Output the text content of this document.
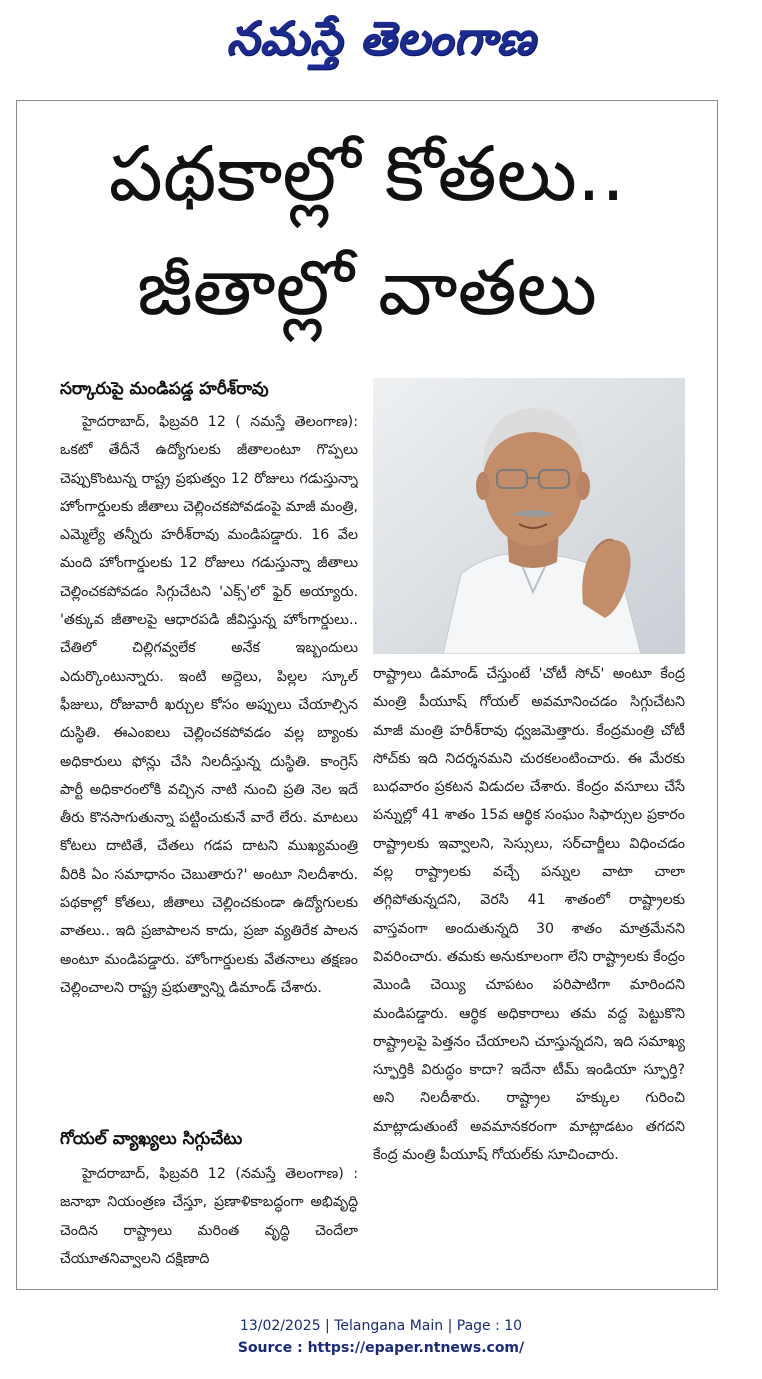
నమస్తే తెలంగాణ
పథకాల్లో కోతలు..
జీతాల్లో వాతలు
సర్కారుపై మండిపడ్డ హరీశ్‌రావు

హైదరాబాద్, ఫిబ్రవరి 12 ( నమస్తే తెలంగాణ): ఒకటో తేదీనే ఉద్యోగులకు జీతాలంటూ గొప్పలు చెప్పుకొంటున్న రాష్ట్ర ప్రభుత్వం 12 రోజులు గడుస్తున్నా హోంగార్డులకు జీతాలు చెల్లించకపోవడంపై మాజీ మంత్రి, ఎమ్మెల్యే తన్నీరు హరీశ్‌రావు మండిపడ్డారు. 16 వేల మంది హోంగార్డులకు 12 రోజులు గడుస్తున్నా జీతాలు చెల్లించకపోవడం సిగ్గుచేటని 'ఎక్స్'లో ఫైర్ అయ్యారు. 'తక్కువ జీతాలపై ఆధారపడి జీవిస్తున్న హోంగార్డులు.. చేతిలో చిల్లిగవ్వలేక అనేక ఇబ్బందులు ఎదుర్కొంటున్నారు. ఇంటి అద్దెలు, పిల్లల స్కూల్ ఫీజులు, రోజువారీ ఖర్చుల కోసం అప్పులు చేయాల్సిన దుస్థితి. ఈఎంఐలు చెల్లించకపోవడం వల్ల బ్యాంకు అధికారులు ఫోన్లు చేసి నిలదీస్తున్న దుస్థితి. కాంగ్రెస్ పార్టీ అధికారంలోకి వచ్చిన నాటి నుంచి ప్రతి నెల ఇదే తీరు కొనసాగుతున్నా పట్టించుకునే వారే లేరు. మాటలు కోటలు దాటితే, చేతలు గడప దాటని ముఖ్యమంత్రి వీరికి ఏం సమాధానం చెబుతారు?' అంటూ నిలదీశారు. పథకాల్లో కోతలు, జీతాలు చెల్లించకుండా ఉద్యోగులకు వాతలు.. ఇది ప్రజాపాలన కాదు, ప్రజా వ్యతిరేక పాలన అంటూ మండిపడ్డారు. హోంగార్డులకు వేతనాలు తక్షణం చెల్లించాలని రాష్ట్ర ప్రభుత్వాన్ని డిమాండ్ చేశారు.

రాష్ట్రాలు డిమాండ్ చేస్తుంటే 'చోటీ సోచ్' అంటూ కేంద్ర మంత్రి పీయూష్ గోయల్ అవమానించడం సిగ్గుచేటని మాజీ మంత్రి హరీశ్‌రావు ధ్వజమెత్తారు. కేంద్రమంత్రి చోటీ సోచ్‌కు ఇది నిదర్శనమని చురకలంటించారు. ఈ మేరకు బుధవారం ప్రకటన విడుదల చేశారు. కేంద్రం వసూలు చేసే పన్నుల్లో 41 శాతం 15వ ఆర్థిక సంఘం సిఫార్సుల ప్రకారం రాష్ట్రాలకు ఇవ్వాలని, సెస్సులు, సర్‌చార్జీలు విధించడం వల్ల రాష్ట్రాలకు వచ్చే పన్నుల వాటా చాలా తగ్గిపోతున్నదని, వెరసి 41 శాతంలో రాష్ట్రాలకు వాస్తవంగా అందుతున్నది 30 శాతం మాత్రమేనని వివరించారు. తమకు అనుకూలంగా లేని రాష్ట్రాలకు కేంద్రం మొండి చెయ్యి చూపటం పరిపాటిగా మారిందని మండిపడ్డారు. ఆర్థిక అధికారాలు తమ వద్ద పెట్టుకొని రాష్ట్రాలపై పెత్తనం చేయాలని చూస్తున్నదని, ఇది సమాఖ్య స్ఫూర్తికి విరుద్ధం కాదా? ఇదేనా టీమ్ ఇండియా స్ఫూర్తి? అని నిలదీశారు. రాష్ట్రాల హక్కుల గురించి మాట్లాడుతుంటే అవమానకరంగా మాట్లాడటం తగదని కేంద్ర మంత్రి పీయూష్ గోయల్‌కు సూచించారు.

గోయల్ వ్యాఖ్యలు సిగ్గుచేటు

హైదరాబాద్, ఫిబ్రవరి 12 (నమస్తే తెలంగాణ) : జనాభా నియంత్రణ చేస్తూ, ప్రణాళికాబద్ధంగా అభివృద్ధి చెందిన రాష్ట్రాలు మరింత వృద్ధి చెందేలా చేయూతనివ్వాలని దక్షిణాది

13/02/2025 | Telangana Main | Page : 10
Source : https://epaper.ntnews.com/
